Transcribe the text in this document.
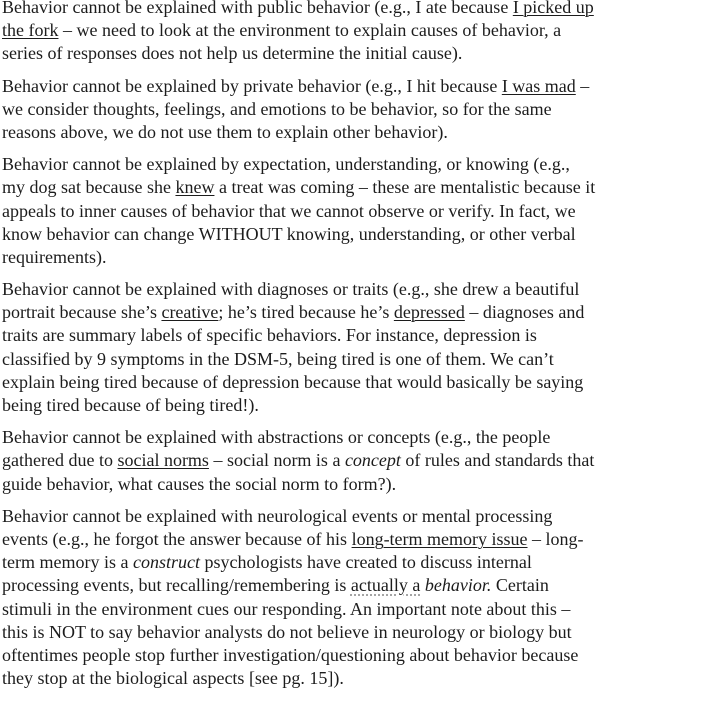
Behavior cannot be explained with public behavior (e.g., I ate because I picked up
the fork – we need to look at the environment to explain causes of behavior, a
series of responses does not help us determine the initial cause).

Behavior cannot be explained by private behavior (e.g., I hit because I was mad –
we consider thoughts, feelings, and emotions to be behavior, so for the same
reasons above, we do not use them to explain other behavior).

Behavior cannot be explained by expectation, understanding, or knowing (e.g.,
my dog sat because she knew a treat was coming – these are mentalistic because it
appeals to inner causes of behavior that we cannot observe or verify. In fact, we
know behavior can change WITHOUT knowing, understanding, or other verbal
requirements).

Behavior cannot be explained with diagnoses or traits (e.g., she drew a beautiful
portrait because she’s creative; he’s tired because he’s depressed – diagnoses and
traits are summary labels of specific behaviors. For instance, depression is
classified by 9 symptoms in the DSM-5, being tired is one of them. We can’t
explain being tired because of depression because that would basically be saying
being tired because of being tired!).

Behavior cannot be explained with abstractions or concepts (e.g., the people
gathered due to social norms – social norm is a concept of rules and standards that
guide behavior, what causes the social norm to form?).

Behavior cannot be explained with neurological events or mental processing
events (e.g., he forgot the answer because of his long-term memory issue – long-
term memory is a construct psychologists have created to discuss internal
processing events, but recalling/remembering is actually a behavior. Certain
stimuli in the environment cues our responding. An important note about this –
this is NOT to say behavior analysts do not believe in neurology or biology but
oftentimes people stop further investigation/questioning about behavior because
they stop at the biological aspects [see pg. 15]).
